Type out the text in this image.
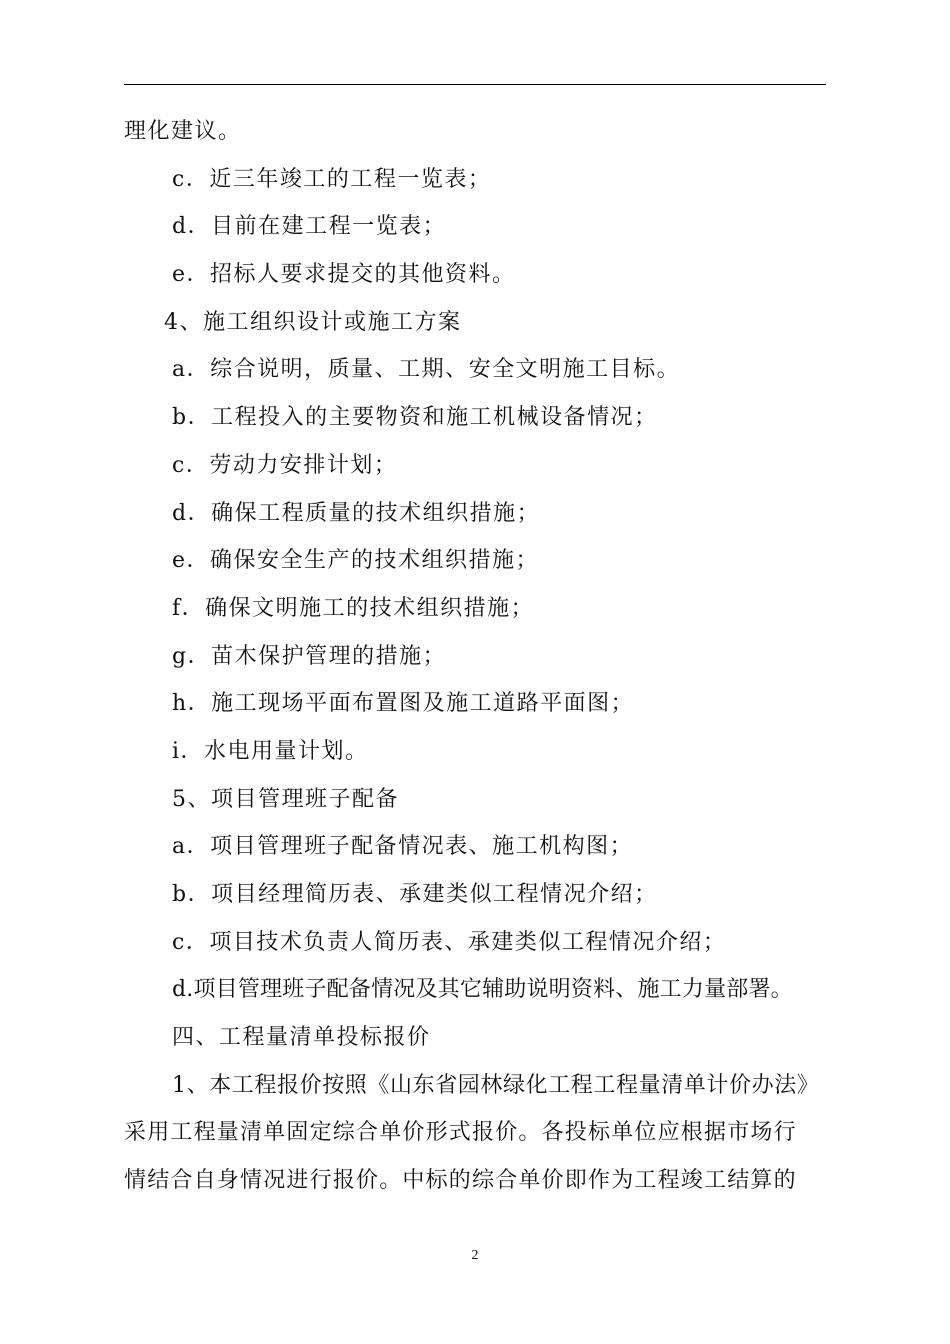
理化建议。
c．近三年竣工的工程一览表；
d．目前在建工程一览表；
e．招标人要求提交的其他资料。
4、施工组织设计或施工方案
a．综合说明，质量、工期、安全文明施工目标。
b．工程投入的主要物资和施工机械设备情况；
c．劳动力安排计划；
d．确保工程质量的技术组织措施；
e．确保安全生产的技术组织措施；
f．确保文明施工的技术组织措施；
g．苗木保护管理的措施；
h．施工现场平面布置图及施工道路平面图；
i．水电用量计划。
5、项目管理班子配备
a．项目管理班子配备情况表、施工机构图；
b．项目经理简历表、承建类似工程情况介绍；
c．项目技术负责人简历表、承建类似工程情况介绍；
d.项目管理班子配备情况及其它辅助说明资料、施工力量部署。
四、工程量清单投标报价
1、本工程报价按照《山东省园林绿化工程工程量清单计价办法》
采用工程量清单固定综合单价形式报价。各投标单位应根据市场行
情结合自身情况进行报价。中标的综合单价即作为工程竣工结算的
2
